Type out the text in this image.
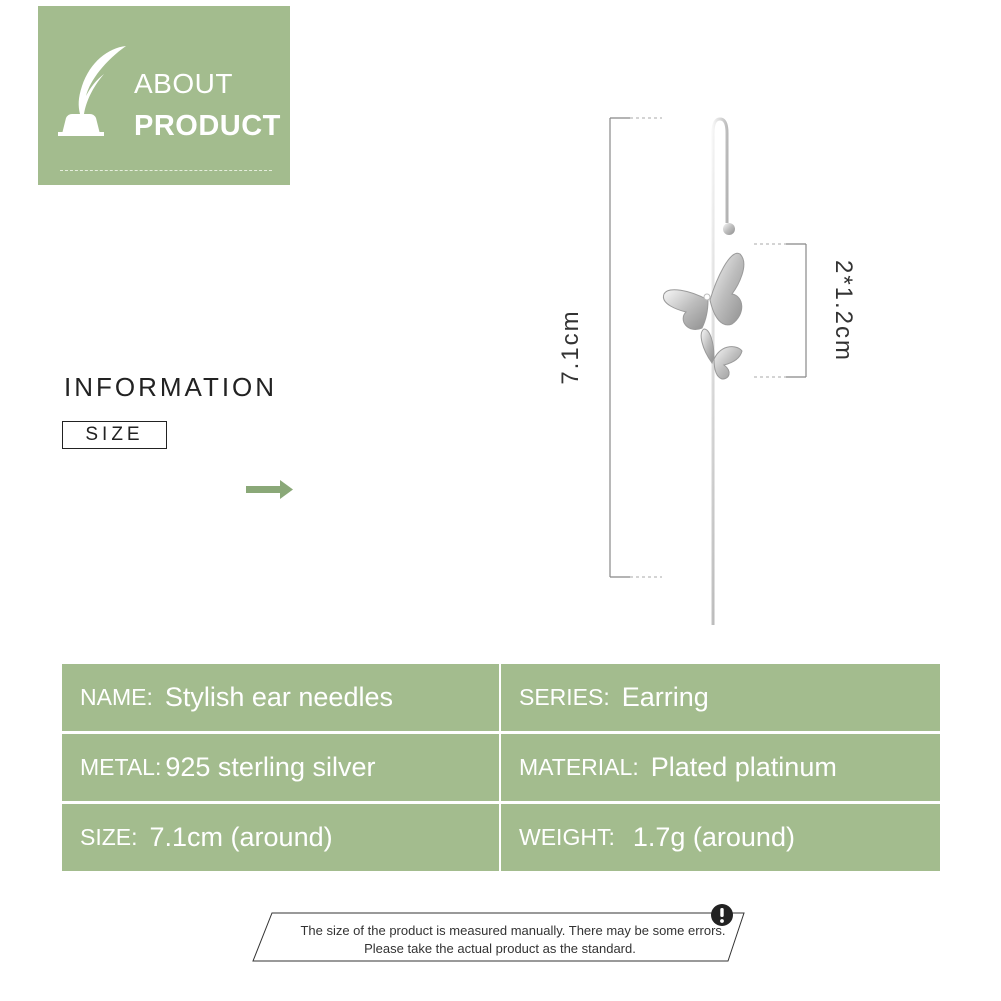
ABOUT
PRODUCT
INFORMATION
SIZE
7.1cm	2*1.2cm
NAME: Stylish ear needles	SERIES: Earring
METAL: 925 sterling silver	MATERIAL: Plated platinum
SIZE: 7.1cm (around)	WEIGHT: 1.7g (around)
The size of the product is measured manually. There may be some errors.
Please take the actual product as the standard.
